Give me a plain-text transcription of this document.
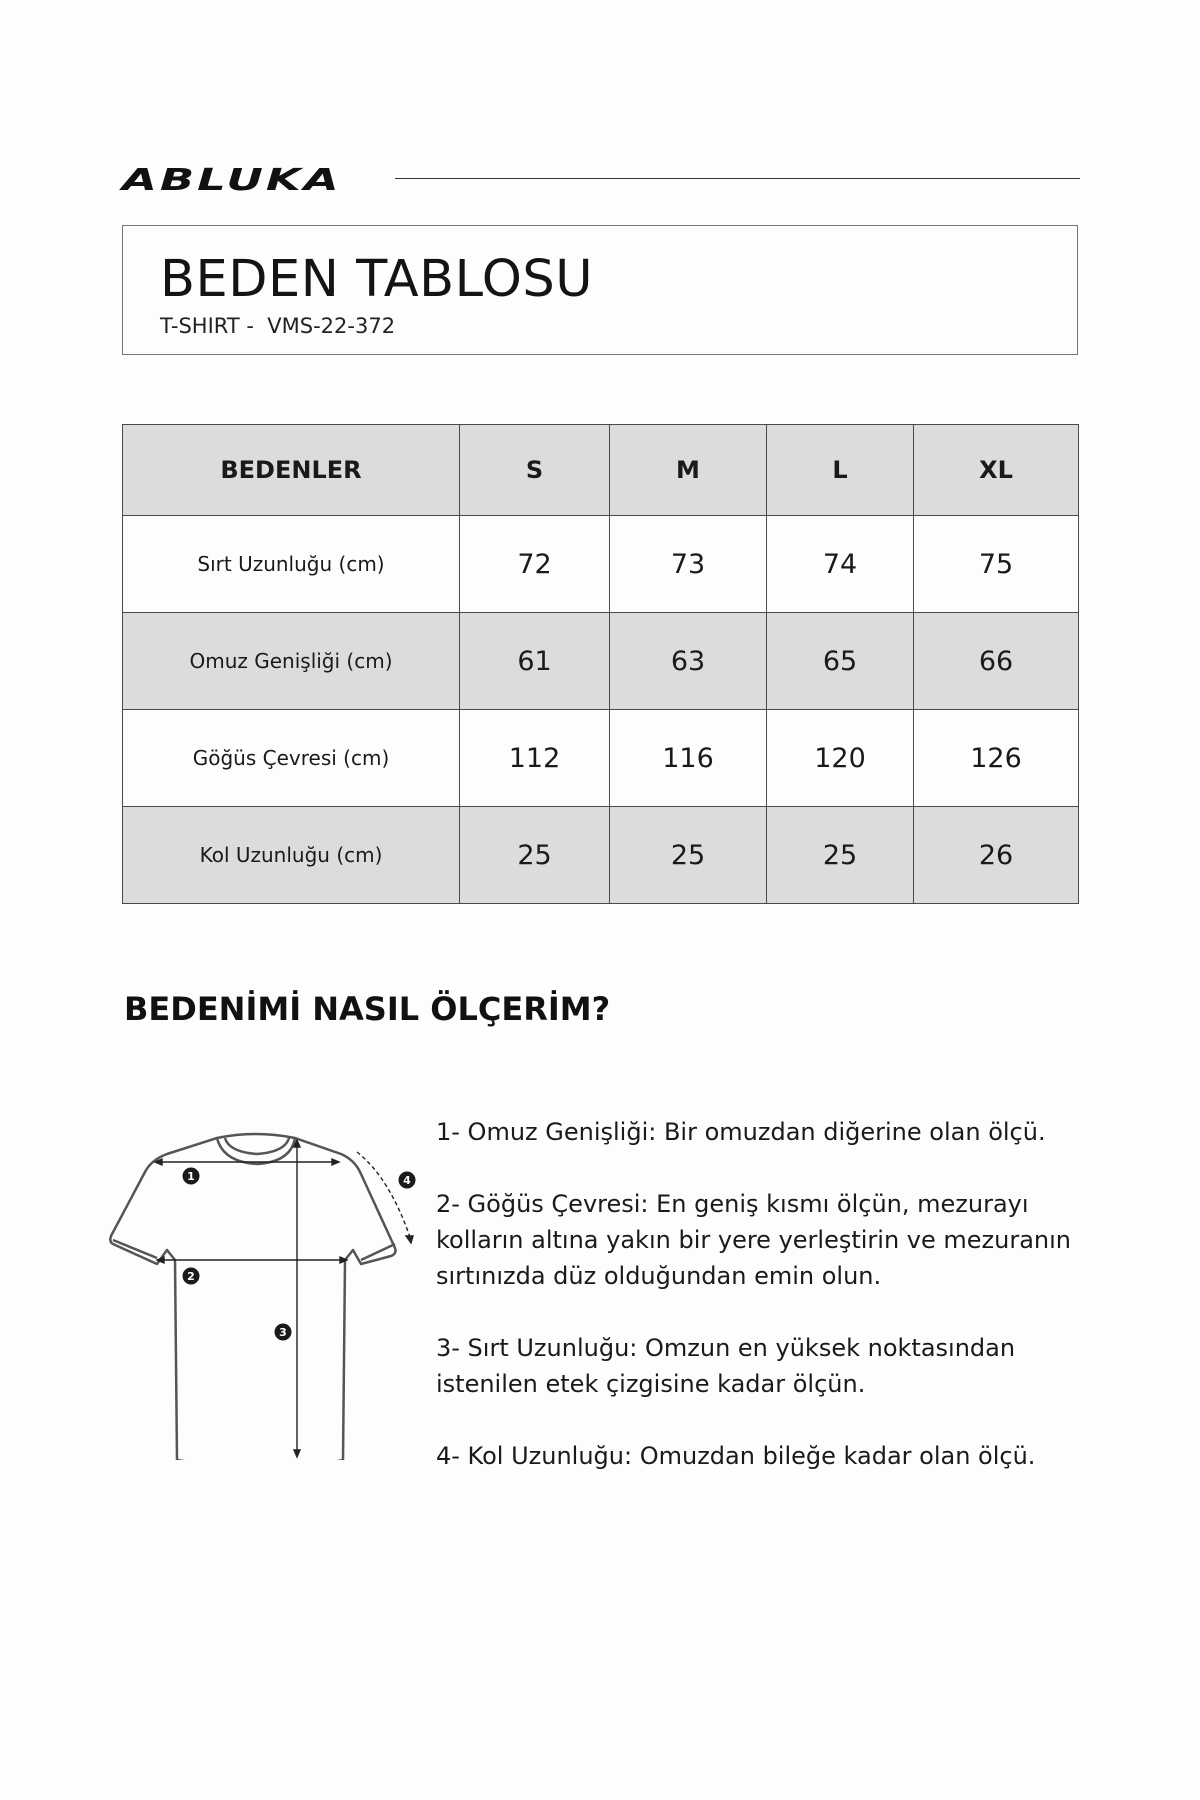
ABLUKA
BEDEN TABLOSU
T-SHIRT -  VMS-22-372
BEDENLER	S	M	L	XL
Sırt Uzunluğu (cm)	72	73	74	75
Omuz Genişliği (cm)	61	63	65	66
Göğüs Çevresi (cm)	112	116	120	126
Kol Uzunluğu (cm)	25	25	25	26
BEDENİMİ NASIL ÖLÇERİM?
1
2
3
4

1- Omuz Genişliği: Bir omuzdan diğerine olan ölçü.

2- Göğüs Çevresi: En geniş kısmı ölçün, mezurayı kolların altına yakın bir yere yerleştirin ve mezuranın sırtınızda düz olduğundan emin olun.

3- Sırt Uzunluğu: Omzun en yüksek noktasından istenilen etek çizgisine kadar ölçün.

4- Kol Uzunluğu: Omuzdan bileğe kadar olan ölçü.
